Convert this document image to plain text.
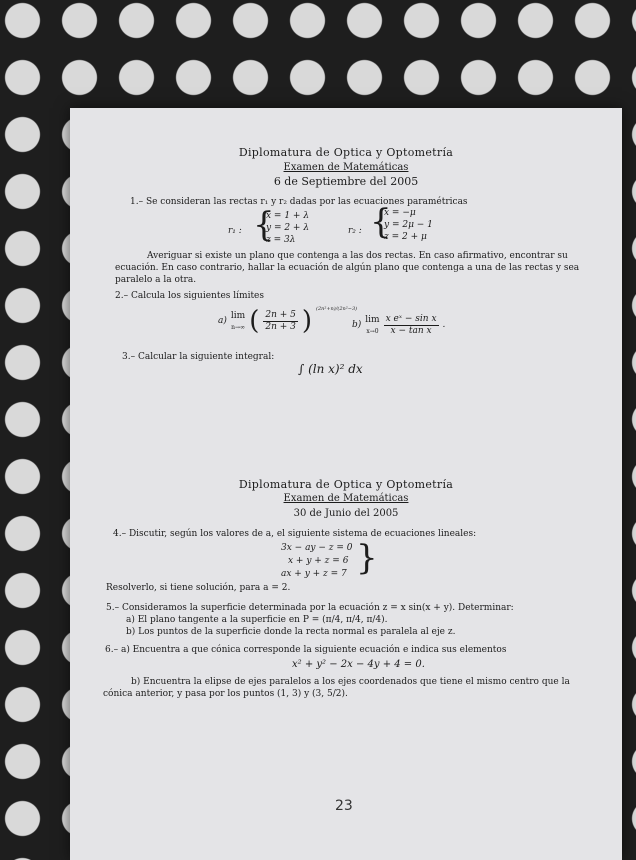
Diplomatura de Optica y Optometría
Examen de Matemáticas
6 de Septiembre del 2005
1.– Se consideran las rectas r₁ y r₂ dadas por las ecuaciones paramétricas
r₁ : {
x = 1 + λ
y = 2 + λ
z = 3λ
r₂ : {
x = −μ
y = 2μ − 1
z = 2 + μ
Averiguar si existe un plano que contenga a las dos rectas. En caso afirmativo, encontrar su ecuación. En caso contrario, hallar la ecuación de algún plano que contenga a una de las rectas y sea paralelo a la otra.
2.– Calcula los siguientes límites
a)
lim
n→∞ ( $\frac{2n + 5}{2n + 3}$ ) (2n²+n)/(2n²−3)
b)
lim
$x\to 0 \frac{\text{x eˣ − sin x}}{\text{x − tan x}}$ .
3.– Calcular la siguiente integral:
∫ (ln x)² dx
Diplomatura de Optica y Optometría
Examen de Matemáticas
30 de Junio del 2005
4.– Discutir, según los valores de a, el siguiente sistema de ecuaciones lineales:
3x − ay − z = 0
x + y + z = 6
ax + y + z = 7 {
Resolverlo, si tiene solución, para a = 2.
5.– Consideramos la superficie determinada por la ecuación z = x sin(x + y). Determinar:
a) El plano tangente a la superficie en P = (π/4, π/4, π/4).
b) Los puntos de la superficie donde la recta normal es paralela al eje z.
6.– a) Encuentra a que cónica corresponde la siguiente ecuación e indica sus elementos
x² + y² − 2x − 4y + 4 = 0.
b) Encuentra la elipse de ejes paralelos a los ejes coordenados que tiene el mismo centro que la cónica anterior, y pasa por los puntos (1, 3) y (3, 5/2).
23
